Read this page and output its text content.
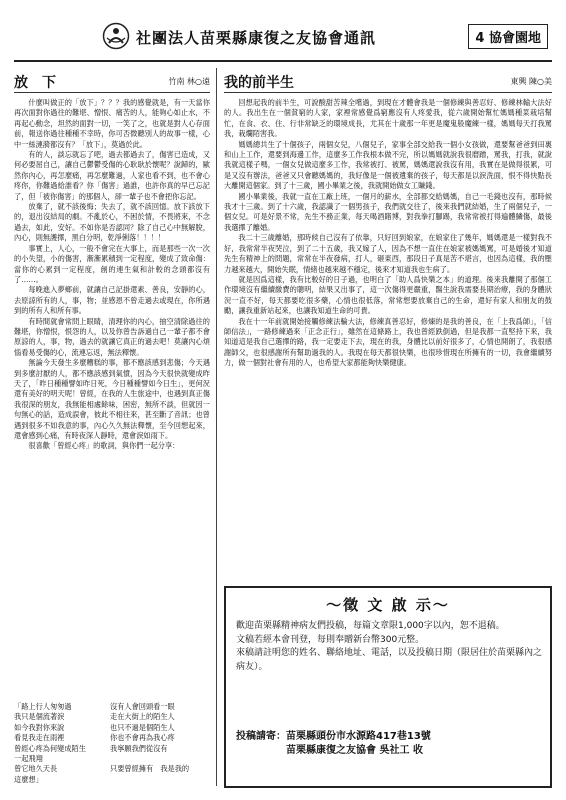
社團法人苗栗縣康復之友協會通訊	4 協會園地
放　下	竹南 林○遠

什麼叫做正的「放下」？？？我的感覺就是，有一天當你再次面對你過往的難堪、憎恨、痛苦的人，能夠心如止水，不再起心動念，坦然的面對一切，一笑了之，也就是對人心存面前，報送你過往種種不幸時，你可否微聽別人的故事一樣，心中一絲漣漪都沒有？「放下」，莫過於此。

有的人，談忘就忘了吧，過去都過去了，傷害已造成，又何必要屈自己，讓自己鬱鬱受傷的心耿耿於懷呢？說歸的，歐然你內心，再怎麼痛，再怎麼難過，人家也看不到，也不會心疼你，你難過給誰看？你「傷害」過誰，也許你真的早已忘記了，但「被你傷害」的那個人，卻一輩子也不會把你忘記。

放棄了，就不該後悔；失去了，就不該回憶。放下該放下的，退出沒結局的劇。不亂於心，不困於情，不畏將來，不念過去，如此，安好。不如你是否認同？除了自己心中無解脫，內心，則無護擇，黑白分明，乾淨俐落！！！！

事實上，人心，一般不會完在大事上，而是那些一次一次的小失望，小的傷害，漸漸累積到一定程度，變成了致命傷：當你的心累到一定程度，創的連生氣和計較的念頭都沒有了……。

每晚進入夢鄉前，就讓自己記掛還素、善良，安靜的心，去原諒所有的人，事，物；並感恩不曾走過去或現在，你所遇到的所有人和所有事。

有時間就會常問上眼睛，清理你的內心，抽空清除過往的難堪，你憎恨，恨怨的人，以及你曾告訴過自己一輩子都不會原諒的人，事，物，過去的就讓它真正的過去吧！莫讓內心煩惱看易受傷的心，流連忘返，無法釋懷。

無論今天發生多麼糟糕的事，都不應該感到悲傷；今天遇到多麼討厭的人，都不應該感到氣憤，因為今天很快就變成昨天了，「昨日種種譬如昨日死，今日種種譬如今日生」，更何況還有美好的明天呢！曾經，在我的人生旅途中，也遇到真正傷我很深的朋友，我無能相處餘味，困密，無所不談，但就因一句無心的話，造成誤會，彼此不相往來，甚至斷了音訊；也曾遇到很多不如我意的事，內心久久無法釋懷，至今回想起來，還會感到心痛，有時夜深人靜時，還會淚如雨下。

很喜歡「曾經心疼」的歌詞，與你們一起分享：

「路上行人匆匆過	沒有人會回頭看一眼
我只是個流著淚	走在大街上的陌生人
如今我對你來說	也只不過是個陌生人
看見我走在雨裡	你也不會再為我心疼
曾經心疼為何變成陌生	我寧願我們從沒有
一起飛翔
曾它地久天長	只要曾經擁有　我是我的
這麼想」
我的前半生	東興 陳○美

回想起我的前半生，可說酸甜苦辣全嚐過，到現在才體會我是一個修練與善忍好、修練林輸大法好的人。我出生在一個貧窮的人家，家裡常感覺爲窮應沒有人疼愛我，從六歲開始幫忙媽媽種菜栽培幫忙，在食、衣、住、行非常缺乏的環境成長，尤其在十歲那一年更是魔鬼般魔練一樣，媽媽每天打我罵我，栽爛陌害我。

媽媽總共生了十個孩子，兩個女兒，八個兒子，家事全部交給我一個小女孩做，還要幫爸爸到田裏和山上工作，還要到海邊工作，這麼多工作我根本做不完，所以媽媽就說我很磨蹭，罵我，打我，就說我就這樣子嗎，一個女兒做這麼多工作，我常被打、被罵，媽媽還說我沒有用，我實在是做得很累，可是又沒有辦法，爸爸又只會聽媽媽的，我好像是一個被遺棄的孩子，每天都是以淚洗面，恨不得快點長大離開這個家。到了十三歲，國小畢業之後，我就開始做女工賺錢。

國小畢業後，我就一直在工廠上班，一個月的薪水，全部都交給媽媽，自己一毛錢也沒有，那時候我才十三歲。到了十六歲，我認識了一個男孩子，我們就交往了，後來我們就結婚，生了兩個兒子，一個女兒。可是好景不常，先生不務正業，每天喝酒賭博，對我拳打腳踢，我常常被打得遍體鱗傷，最後我選擇了離婚。

我二十三歲離婚，那時候自己沒有了依靠，只好回到娘家，在娘家住了幾年，媽媽還是一樣對我不好，我常常半夜哭泣，到了二十五歲，我又嫁了人，因為不想一直住在娘家被媽媽罵，可是婚後才知道先生有精神上的問題，常常在半夜發病，打人，砸東西，那段日子真是苦不堪言，也因為這樣，我的壓力越來越大，開始失眠，情緒也越來越不穩定，後來才知道我也生病了。

就是因爲這樣，我有比較好的日子過，也明白了「助人爲快樂之本」的道理。後來我離開了那個工作環境沒有繼續繳費的聰明，結果又出事了，這一次傷得更嚴重，醫生說我需要長期治療，我的身體狀況一直不好，每天都要吃很多藥，心情也很低落，常常想要放棄自己的生命，還好有家人和朋友的鼓勵，讓我重新站起來，也讓我知道生命的可貴。

我在十一年前就開始接觸修練法輪大法，修練真善忍好，修煉的是我的善良，在「上我爲師」，「信師信法」，一路修練過來「正念正行」，雖然在這條路上，我也曾經跌倒過，但是我都一直堅持下來，我知道這是我自己選擇的路，我一定要走下去，現在的我，身體比以前好很多了，心情也開朗了，我很感謝師父，也很感謝所有幫助過我的人。我現在每天都很快樂，也很珍惜現在所擁有的一切，我會繼續努力，做一個對社會有用的人，也希望大家都能夠快樂健康。

～徵 文 啟 示～
歡迎苗栗縣精神病友們投稿，每篇文章限1,000字以內，恕不退稿。
文稿若經本會刊登，每則奉贈新台幣300元整。
來稿請註明您的姓名、聯絡地址、電話，以及投稿日期（限居住於苗栗縣內之病友）。
投稿請寄：苗栗縣頭份市水源路417巷13號
苗栗縣康復之友協會 吳社工 收
